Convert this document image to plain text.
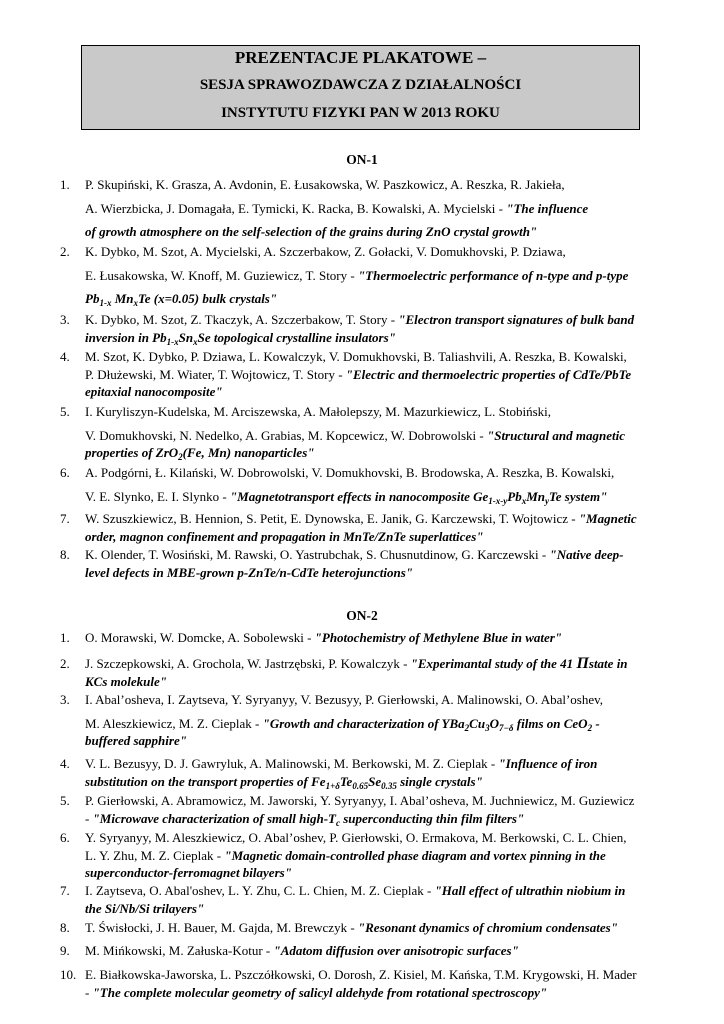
PREZENTACJE PLAKATOWE –
SESJA SPRAWOZDAWCZA Z DZIAŁALNOŚCI
INSTYTUTU FIZYKI PAN W 2013 ROKU
ON-1
1.	P. Skupiński, K. Grasza, A. Avdonin, E. Łusakowska, W. Paszkowicz, A. Reszka, R. Jakieła,
A. Wierzbicka, J. Domagała, E. Tymicki, K. Racka, B. Kowalski, A. Mycielski - "The influence
of growth atmosphere on the self-selection of the grains during ZnO crystal growth"
2.	K. Dybko, M. Szot, A. Mycielski, A. Szczerbakow, Z. Gołacki, V. Domukhovski, P. Dziawa,
E. Łusakowska, W. Knoff, M. Guziewicz, T. Story - "Thermoelectric performance of n-type and p-type
$Pb_{1-x}$ $Mn_xTe$ (x=0.05) bulk crystals"
3.	K. Dybko, M. Szot, Z. Tkaczyk, A. Szczerbakow, T. Story - "Electron transport signatures of bulk band
inversion in $Pb_{1-x}Sn_xSe$ topological crystalline insulators"
4.	M. Szot, K. Dybko, P. Dziawa, L. Kowalczyk, V. Domukhovski, B. Taliashvili, A. Reszka, B. Kowalski,
P. Dłużewski, M. Wiater, T. Wojtowicz, T. Story - "Electric and thermoelectric properties of CdTe/PbTe
epitaxial nanocomposite"
5.	I. Kuryliszyn-Kudelska, M. Arciszewska, A. Małolepszy, M. Mazurkiewicz, L. Stobiński,
V. Domukhovski, N. Nedelko, A. Grabias, M. Kopcewicz, W. Dobrowolski - "Structural and magnetic
properties of ZrO$_2$(Fe, Mn) nanoparticles"
6.	A. Podgórni, Ł. Kilański, W. Dobrowolski, V. Domukhovski, B. Brodowska, A. Reszka, B. Kowalski,
V. E. Slynko, E. I. Slynko - "Magnetotransport effects in nanocomposite $Ge_{1-x-y}Pb_xMn_yTe$ system"
7.	W. Szuszkiewicz, B. Hennion, S. Petit, E. Dynowska, E. Janik, G. Karczewski, T. Wojtowicz - "Magnetic
order, magnon confinement and propagation in MnTe/ZnTe superlattices"
8.	K. Olender, T. Wosiński, M. Rawski, O. Yastrubchak, S. Chusnutdinow, G. Karczewski - "Native deep-
level defects in MBE-grown p-ZnTe/n-CdTe heterojunctions"
ON-2
1.	O. Morawski, W. Domcke, A. Sobolewski - "Photochemistry of Methylene Blue in water"
2.	J. Szczepkowski, A. Grochola, W. Jastrzębski, P. Kowalczyk - "Experimantal study of the 41 Πstate in
KCs molekule"
3.	I. Abal’osheva, I. Zaytseva, Y. Syryanyy, V. Bezusyy, P. Gierłowski, A. Malinowski, O. Abal’oshev,
M. Aleszkiewicz, M. Z. Cieplak - "Growth and characterization of $YBa_2Cu_3O_{7-\delta}$ films on CeO$_2$ -
buffered sapphire"
4.	V. L. Bezusyy, D. J. Gawryluk, A. Malinowski, M. Berkowski, M. Z. Cieplak - "Influence of iron
substitution on the transport properties of $Fe_{1+\delta}Te_{0.65}Se_{0.35}$ single crystals"
5.	P. Gierłowski, A. Abramowicz, M. Jaworski, Y. Syryanyy, I. Abal’osheva, M. Juchniewicz, M. Guziewicz
- "Microwave characterization of small high-$T_c$ superconducting thin film filters"
6.	Y. Syryanyy, M. Aleszkiewicz, O. Abal’oshev, P. Gierłowski, O. Ermakova, M. Berkowski, C. L. Chien,
L. Y. Zhu, M. Z. Cieplak - "Magnetic domain-controlled phase diagram and vortex pinning in the
superconductor-ferromagnet bilayers"
7.	I. Zaytseva, O. Abal'oshev, L. Y. Zhu, C. L. Chien, M. Z. Cieplak - "Hall effect of ultrathin niobium in
the Si/Nb/Si trilayers"
8.	T. Świsłocki, J. H. Bauer, M. Gajda, M. Brewczyk - "Resonant dynamics of chromium condensates"
9.	M. Mińkowski, M. Załuska-Kotur - "Adatom diffusion over anisotropic surfaces"
10. E. Białkowska-Jaworska, L. Pszczółkowski, O. Dorosh, Z. Kisiel, M. Kańska, T.M. Krygowski, H. Mader
- "The complete molecular geometry of salicyl aldehyde from rotational spectroscopy"
